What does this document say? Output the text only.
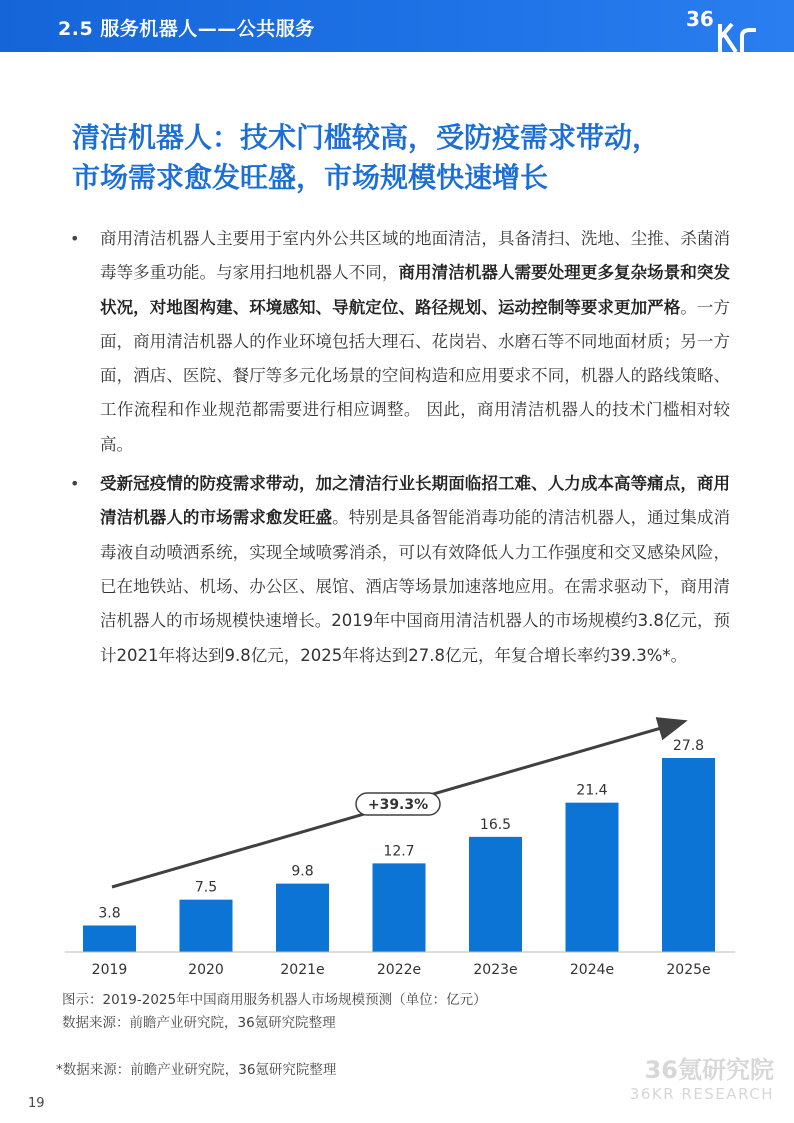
2.5 服务机器人——公共服务	36
清洁机器人：技术门槛较高，受防疫需求带动，
市场需求愈发旺盛，市场规模快速增长
• 商用清洁机器人主要用于室内外公共区域的地面清洁，具备清扫、洗地、尘推、杀菌消毒等多重功能。与家用扫地机器人不同，商用清洁机器人需要处理更多复杂场景和突发状况，对地图构建、环境感知、导航定位、路径规划、运动控制等要求更加严格。一方面，商用清洁机器人的作业环境包括大理石、花岗岩、水磨石等不同地面材质；另一方面，酒店、医院、餐厅等多元化场景的空间构造和应用要求不同，机器人的路线策略、工作流程和作业规范都需要进行相应调整。 因此，商用清洁机器人的技术门槛相对较高。
• 受新冠疫情的防疫需求带动，加之清洁行业长期面临招工难、人力成本高等痛点，商用清洁机器人的市场需求愈发旺盛。特别是具备智能消毒功能的清洁机器人，通过集成消毒液自动喷洒系统，实现全域喷雾消杀，可以有效降低人力工作强度和交叉感染风险，已在地铁站、机场、办公区、展馆、酒店等场景加速落地应用。在需求驱动下，商用清洁机器人的市场规模快速增长。2019年中国商用清洁机器人的市场规模约3.8亿元，预计2021年将达到9.8亿元，2025年将达到27.8亿元，年复合增长率约39.3%*。
+39.3%
3.8
7.5
9.8
12.7
16.5
21.4
27.8
2019	2020	2021e	2022e	2023e	2024e	2025e
图示：2019-2025年中国商用服务机器人市场规模预测（单位：亿元）
数据来源：前瞻产业研究院，36氪研究院整理
*数据来源：前瞻产业研究院，36氪研究院整理	36氪研究院
36KR RESEARCH
19
